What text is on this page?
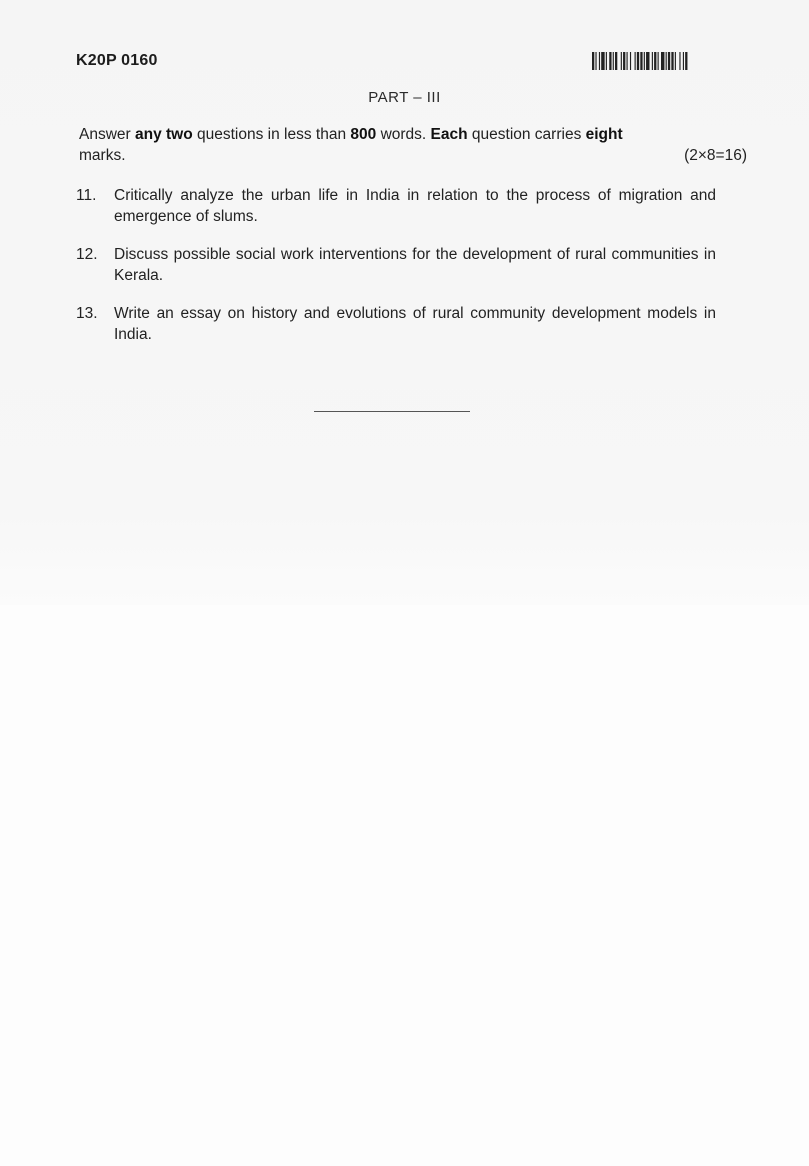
K20P 0160
PART – III
Answer any two questions in less than 800 words. Each question carries eight
marks.	(2×8=16)
11.	Critically analyze the urban life in India in relation to the process of migration and emergence of slums.
12.	Discuss possible social work interventions for the development of rural communities in Kerala.
13.	Write an essay on history and evolutions of rural community development models in India.
